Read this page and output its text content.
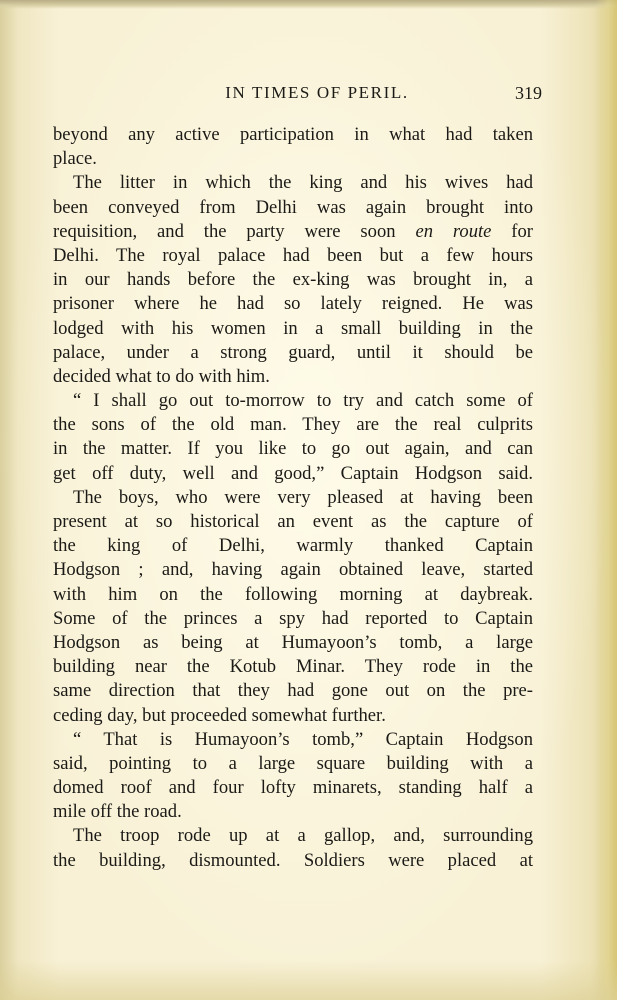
IN TIMES OF PERIL.	319
beyond any active participation in what had taken
place.
The litter in which the king and his wives had
been conveyed from Delhi was again brought into
requisition, and the party were soon en route for
Delhi. The royal palace had been but a few hours
in our hands before the ex-king was brought in, a
prisoner where he had so lately reigned. He was
lodged with his women in a small building in the
palace, under a strong guard, until it should be
decided what to do with him.
“ I shall go out to-morrow to try and catch some of
the sons of the old man. They are the real culprits
in the matter. If you like to go out again, and can
get off duty, well and good,” Captain Hodgson said.
The boys, who were very pleased at having been
present at so historical an event as the capture of
the king of Delhi, warmly thanked Captain
Hodgson ; and, having again obtained leave, started
with him on the following morning at daybreak.
Some of the princes a spy had reported to Captain
Hodgson as being at Humayoon’s tomb, a large
building near the Kotub Minar. They rode in the
same direction that they had gone out on the pre-
ceding day, but proceeded somewhat further.
“ That is Humayoon’s tomb,” Captain Hodgson
said, pointing to a large square building with a
domed roof and four lofty minarets, standing half a
mile off the road.
The troop rode up at a gallop, and, surrounding
the building, dismounted. Soldiers were placed at
